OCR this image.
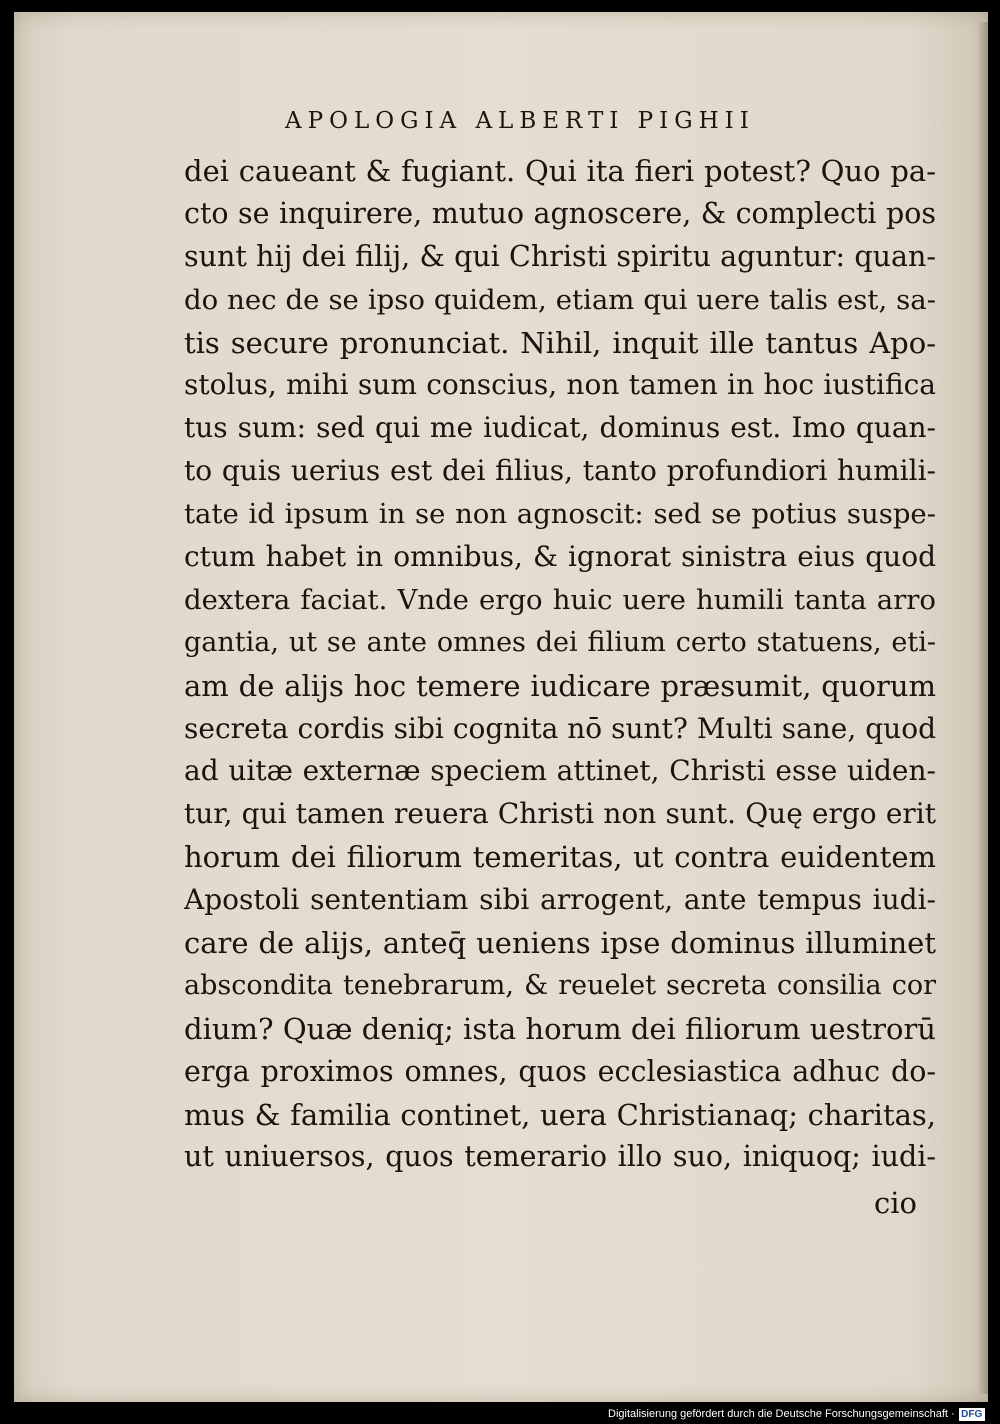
APOLOGIA ALBERTI PIGHII
dei caueant & fugiant. Qui ita fieri potest? Quo pa-
cto se inquirere, mutuo agnoscere, & complecti pos
sunt hij dei filij, & qui Christi spiritu aguntur: quan-
do nec de se ipso quidem, etiam qui uere talis est, sa-
tis secure pronunciat. Nihil, inquit ille tantus Apo-
stolus, mihi sum conscius, non tamen in hoc iustifica
tus sum: sed qui me iudicat, dominus est. Imo quan-
to quis uerius est dei filius, tanto profundiori humili-
tate id ipsum in se non agnoscit: sed se potius suspe-
ctum habet in omnibus, & ignorat sinistra eius quod
dextera faciat. Vnde ergo huic uere humili tanta arro
gantia, ut se ante omnes dei filium certo statuens, eti-
am de alijs hoc temere iudicare præsumit, quorum
secreta cordis sibi cognita nō sunt? Multi sane, quod
ad uitæ externæ speciem attinet, Christi esse uiden-
tur, qui tamen reuera Christi non sunt. Quę ergo erit
horum dei filiorum temeritas, ut contra euidentem
Apostoli sententiam sibi arrogent, ante tempus iudi-
care de alijs, anteq̄ ueniens ipse dominus illuminet
abscondita tenebrarum, & reuelet secreta consilia cor
dium? Quæ deniq; ista horum dei filiorum uestrorū
erga proximos omnes, quos ecclesiastica adhuc do-
mus & familia continet, uera Christianaq; charitas,
ut uniuersos, quos temerario illo suo, iniquoq; iudi-
cio
Digitalisierung gefördert durch die Deutsche Forschungsgemeinschaft · DFG
